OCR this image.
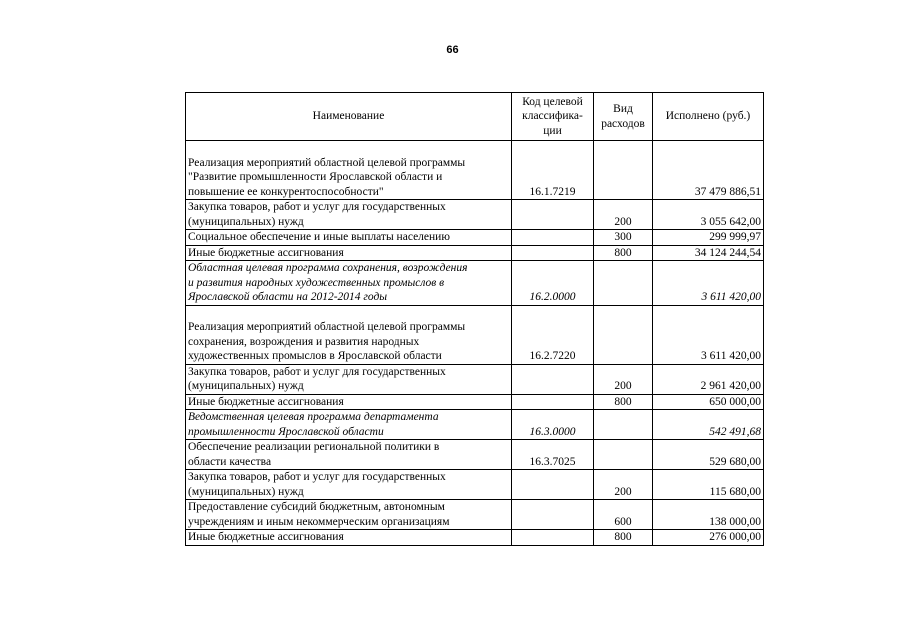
66
Наименование	Код целевой классифика-ции	Вид расходов	Исполнено (руб.)

Реализация мероприятий областной целевой программы
"Развитие промышленности Ярославской области и
повышение ее конкурентоспособности"	16.1.7219		37 479 886,51

Закупка товаров, работ и услуг для государственных
(муниципальных) нужд		200	3 055 642,00

Социальное обеспечение и иные выплаты населению		300	299 999,97

Иные бюджетные ассигнования		800	34 124 244,54

Областная целевая программа сохранения, возрождения
и развития народных художественных промыслов в
Ярославской области на 2012-2014 годы	16.2.0000		3 611 420,00

Реализация мероприятий областной целевой программы
сохранения, возрождения и развития народных
художественных промыслов в Ярославской области	16.2.7220		3 611 420,00

Закупка товаров, работ и услуг для государственных
(муниципальных) нужд		200	2 961 420,00

Иные бюджетные ассигнования		800	650 000,00

Ведомственная целевая программа департамента
промышленности Ярославской области	16.3.0000		542 491,68

Обеспечение реализации региональной политики в
области качества	16.3.7025		529 680,00

Закупка товаров, работ и услуг для государственных
(муниципальных) нужд		200	115 680,00

Предоставление субсидий бюджетным, автономным
учреждениям и иным некоммерческим организациям		600	138 000,00

Иные бюджетные ассигнования		800	276 000,00
